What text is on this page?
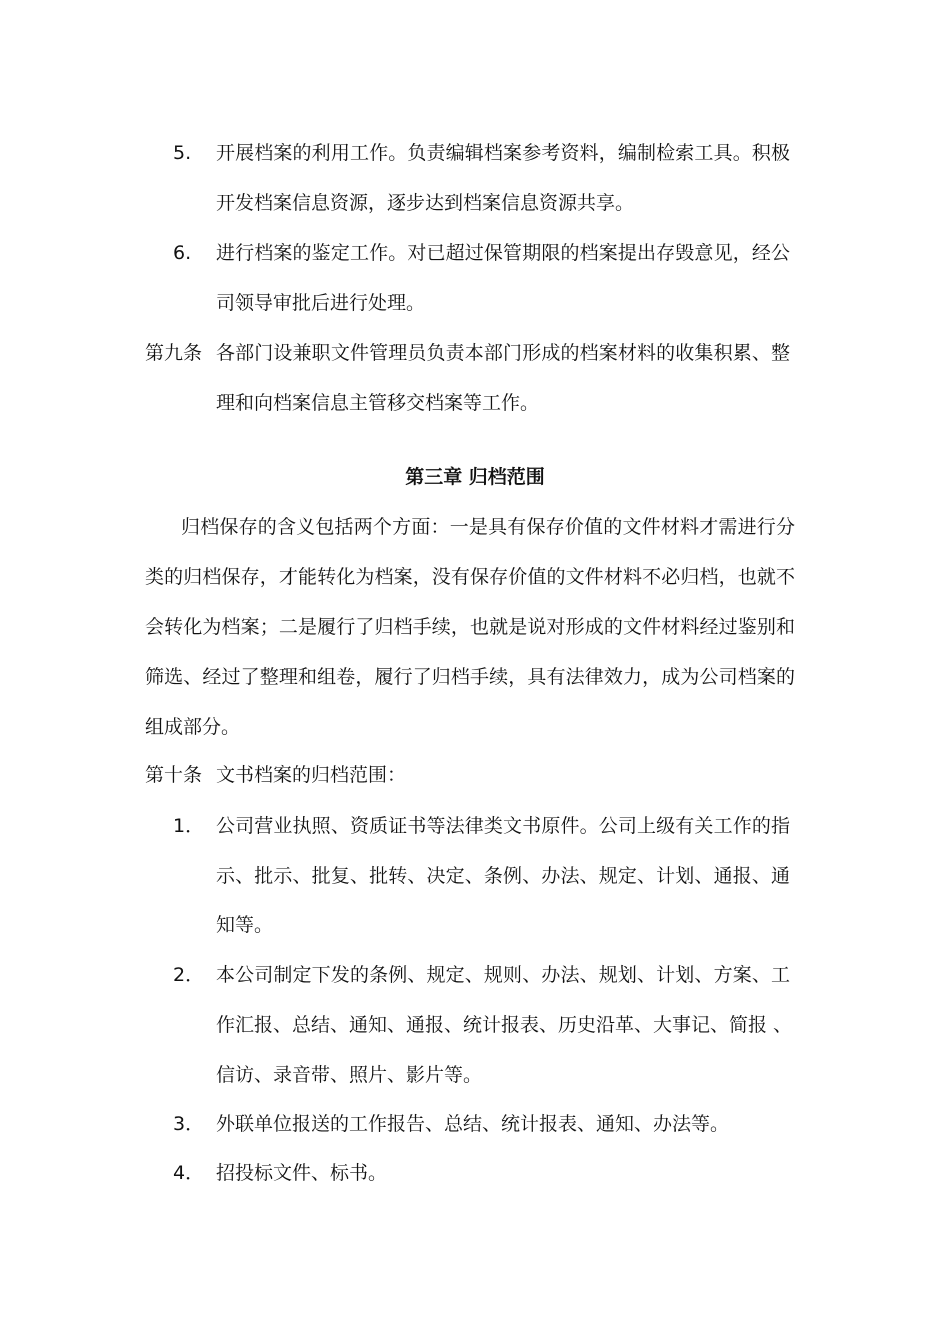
5. 开展档案的利用工作。负责编辑档案参考资料，编制检索工具。积极
开发档案信息资源，逐步达到档案信息资源共享。
6. 进行档案的鉴定工作。对已超过保管期限的档案提出存毁意见，经公
司领导审批后进行处理。
第九条 各部门设兼职文件管理员负责本部门形成的档案材料的收集积累、整
理和向档案信息主管移交档案等工作。
第三章 归档范围
归档保存的含义包括两个方面：一是具有保存价值的文件材料才需进行分
类的归档保存，才能转化为档案，没有保存价值的文件材料不必归档，也就不
会转化为档案；二是履行了归档手续，也就是说对形成的文件材料经过鉴别和
筛选、经过了整理和组卷，履行了归档手续，具有法律效力，成为公司档案的
组成部分。
第十条 文书档案的归档范围：
1． 公司营业执照、资质证书等法律类文书原件。公司上级有关工作的指
示、批示、批复、批转、决定、条例、办法、规定、计划、通报、通
知等。
2． 本公司制定下发的条例、规定、规则、办法、规划、计划、方案、工
作汇报、总结、通知、通报、统计报表、历史沿革、大事记、简报 、
信访、录音带、照片、影片等。
3． 外联单位报送的工作报告、总结、统计报表、通知、办法等。
4． 招投标文件、标书。
